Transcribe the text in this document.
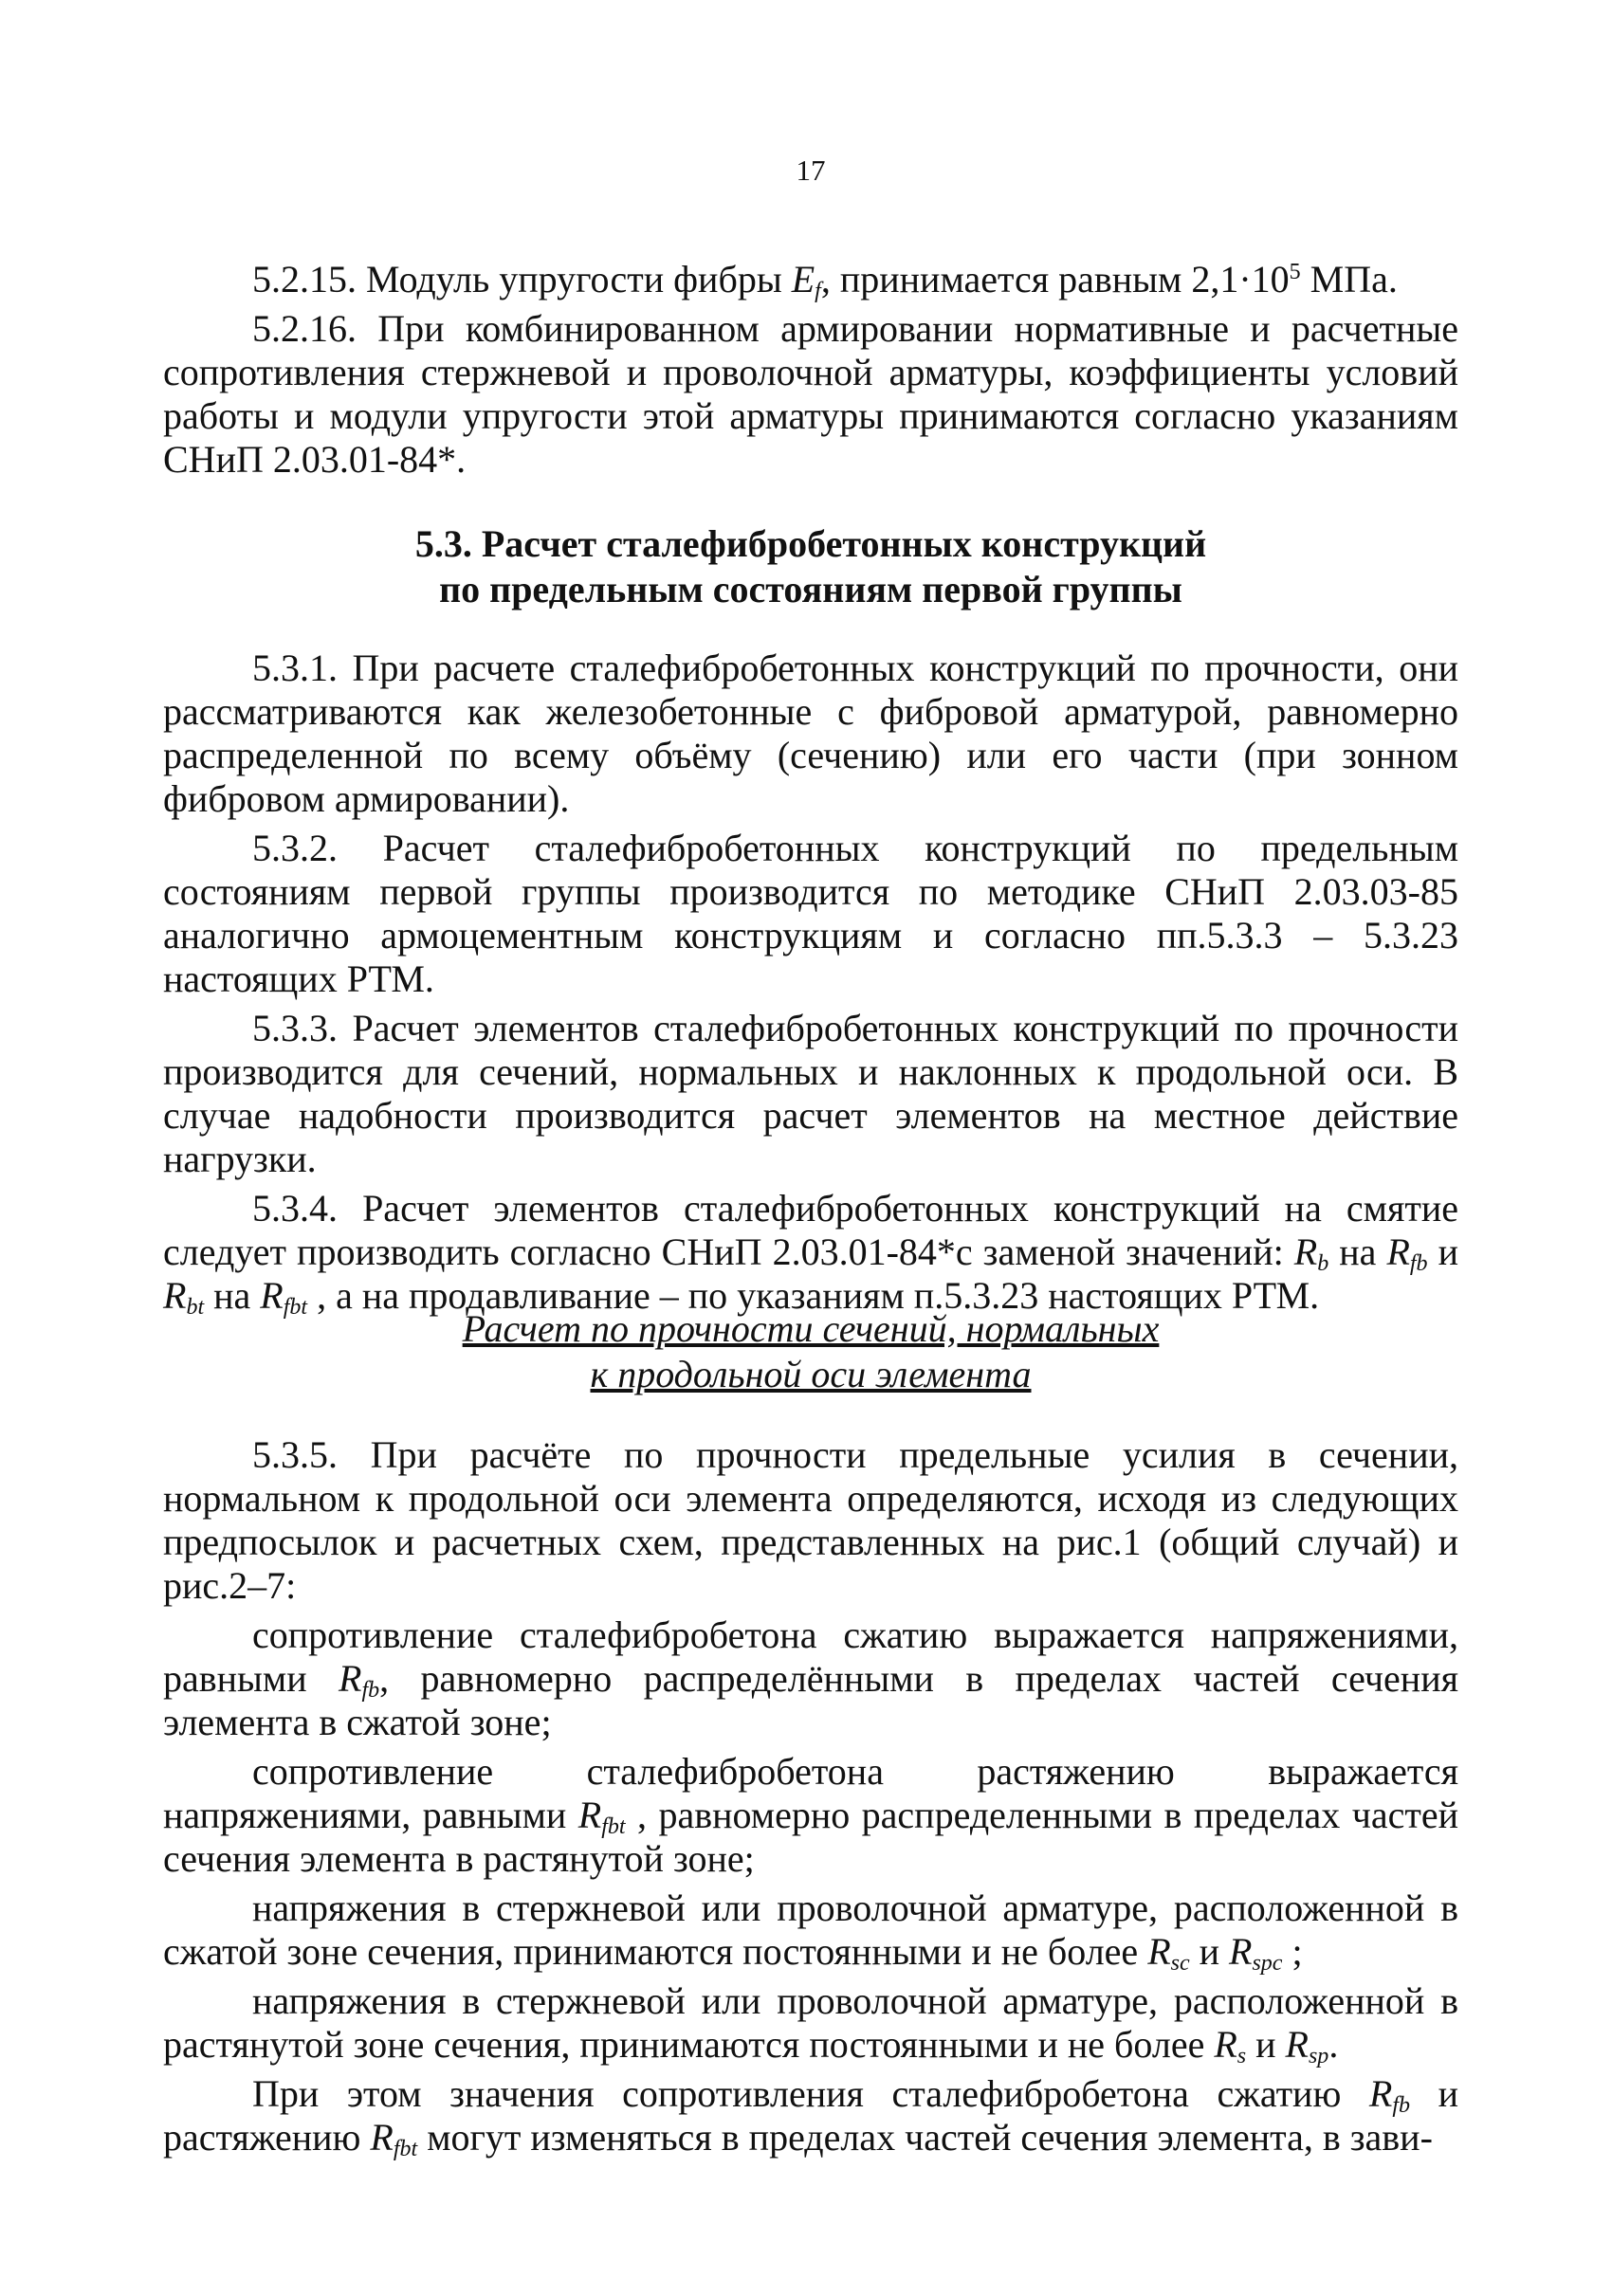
17

5.2.15. Модуль упругости фибры $E_f$, принимается равным $2,1\cdot 10^5$ МПа.

5.2.16. При комбинированном армировании нормативные и расчетные сопротивления стержневой и проволочной арматуры, коэффициенты условий работы и модули упругости этой арматуры принимаются согласно указаниям СНиП 2.03.01-84*.

5.3. Расчет сталефибробетонных конструкций

по предельным состояниям первой группы

5.3.1. При расчете сталефибробетонных конструкций по прочности, они рассматриваются как железобетонные с фибровой арматурой, равномерно распределенной по всему объёму (сечению) или его части (при зонном фибровом армировании).

5.3.2. Расчет сталефибробетонных конструкций по предельным состояниям первой группы производится по методике СНиП 2.03.03-85 аналогично армоцементным конструкциям и согласно пп.5.3.3 – 5.3.23 настоящих РТМ.

5.3.3. Расчет элементов сталефибробетонных конструкций по прочности производится для сечений, нормальных и наклонных к продольной оси. В случае надобности производится расчет элементов на местное действие нагрузки.

5.3.4. Расчет элементов сталефибробетонных конструкций на смятие следует производить согласно СНиП 2.03.01-84*с заменой значений: $R_b$ на $R_{fb}$ и $R_{bt}$ на $R_{fbt}$ , а на продавливание – по указаниям п.5.3.23 настоящих РТМ.

Расчет по прочности сечений, нормальных

к продольной оси элемента

5.3.5. При расчёте по прочности предельные усилия в сечении, нормальном к продольной оси элемента определяются, исходя из следующих предпосылок и расчетных схем, представленных на рис.1 (общий случай) и рис.2–7:

сопротивление сталефибробетона сжатию выражается напряжениями, равными $R_{fb}$, равномерно распределёнными в пределах частей сечения элемента в сжатой зоне;

сопротивление сталефибробетона растяжению выражается напряжениями, равными $R_{fbt}$ , равномерно распределенными в пределах частей сечения элемента в растянутой зоне;

напряжения в стержневой или проволочной арматуре, расположенной в сжатой зоне сечения, принимаются постоянными и не более $R_{sc}$ и $R_{spc}$ ;

напряжения в стержневой или проволочной арматуре, расположенной в растянутой зоне сечения, принимаются постоянными и не более $R_s$ и $R_{sp}$.

При этом значения сопротивления сталефибробетона сжатию $R_{fb}$ и растяжению $R_{fbt}$ могут изменяться в пределах частей сечения элемента, в зави-
